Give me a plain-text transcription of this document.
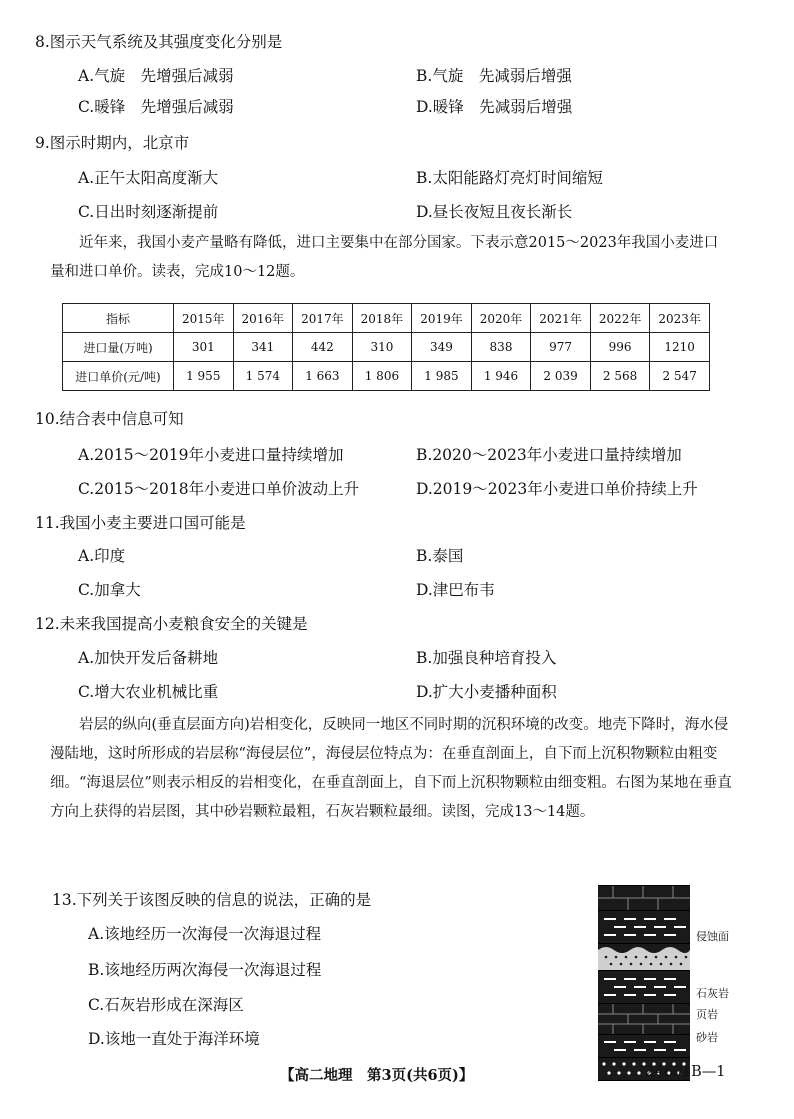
8.图示天气系统及其强度变化分别是
A.气旋　先增强后减弱	B.气旋　先减弱后增强
C.暖锋　先增强后减弱	D.暖锋　先减弱后增强
9.图示时期内，北京市
A.正午太阳高度渐大	B.太阳能路灯亮灯时间缩短
C.日出时刻逐渐提前	D.昼长夜短且夜长渐长
　　近年来，我国小麦产量略有降低，进口主要集中在部分国家。下表示意2015～2023年我国小麦进口量和进口单价。读表，完成10～12题。
指标	2015年	2016年	2017年	2018年	2019年	2020年	2021年	2022年	2023年
进口量(万吨)	301	341	442	310	349	838	977	996	1210
进口单价(元/吨)	1 955	1 574	1 663	1 806	1 985	1 946	2 039	2 568	2 547
10.结合表中信息可知
A.2015～2019年小麦进口量持续增加	B.2020～2023年小麦进口量持续增加
C.2015～2018年小麦进口单价波动上升	D.2019～2023年小麦进口单价持续上升
11.我国小麦主要进口国可能是
A.印度	B.泰国
C.加拿大	D.津巴布韦
12.未来我国提高小麦粮食安全的关键是
A.加快开发后备耕地	B.加强良种培育投入
C.增大农业机械比重	D.扩大小麦播种面积
　　岩层的纵向(垂直层面方向)岩相变化，反映同一地区不同时期的沉积环境的改变。地壳下降时，海水侵漫陆地，这时所形成的岩层称“海侵层位”，海侵层位特点为：在垂直剖面上，自下而上沉积物颗粒由粗变细。“海退层位”则表示相反的岩相变化，在垂直剖面上，自下而上沉积物颗粒由细变粗。右图为某地在垂直方向上获得的岩层图，其中砂岩颗粒最粗，石灰岩颗粒最细。读图，完成13～14题。
13.下列关于该图反映的信息的说法，正确的是
A.该地经历一次海侵一次海退过程
B.该地经历两次海侵一次海退过程
C.石灰岩形成在深海区
D.该地一直处于海洋环境
侵蚀面
石灰岩
页岩
砂岩
【高二地理　第3页(共6页)】	24601B—1
